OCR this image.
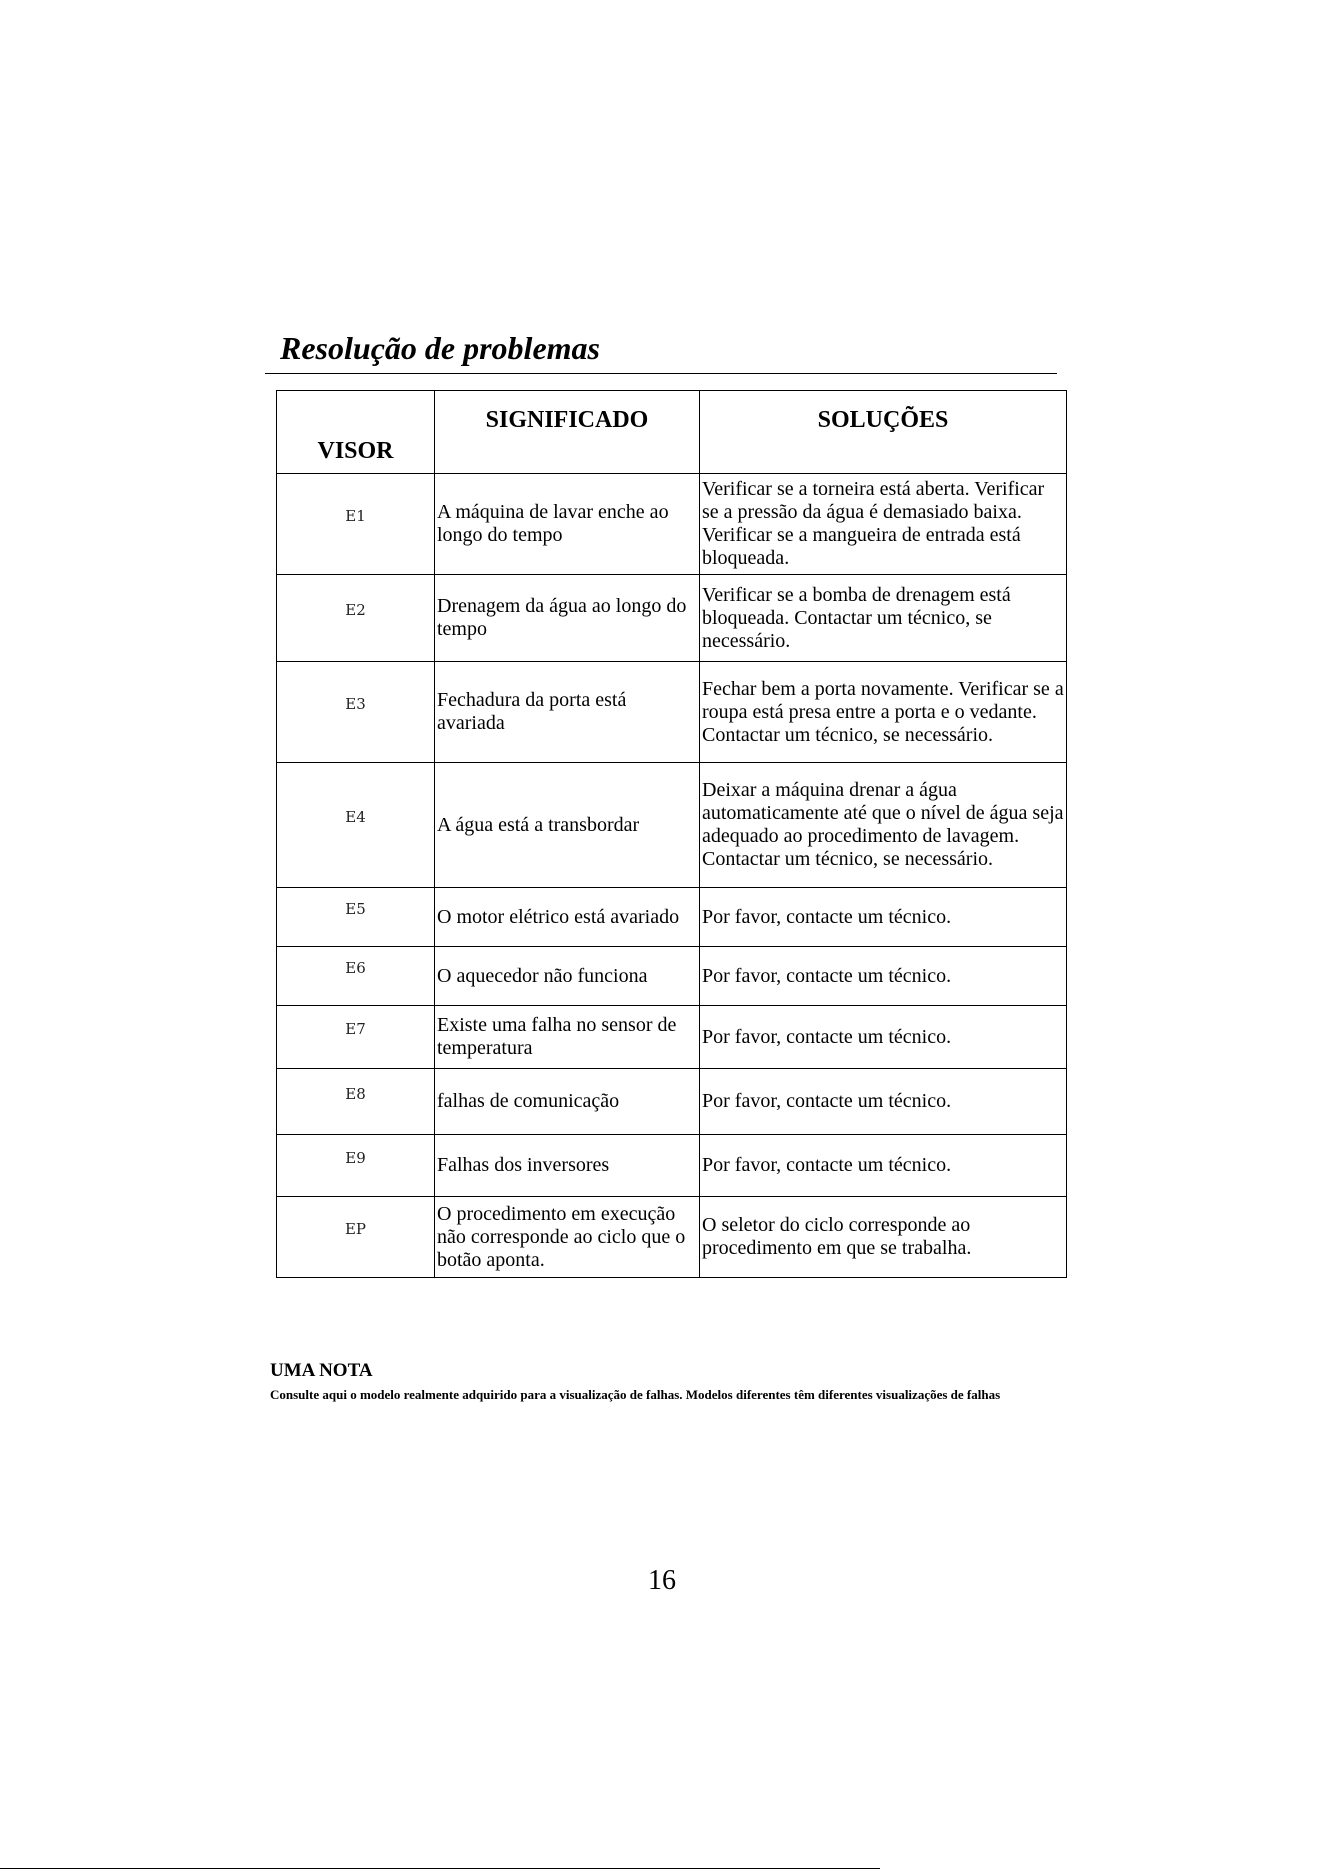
Resolução de problemas
VISOR	SIGNIFICADO	SOLUÇÕES
E1	A máquina de lavar enche ao longo do tempo	Verificar se a torneira está aberta. Verificar se a pressão da água é demasiado baixa. Verificar se a mangueira de entrada está bloqueada.
E2	Drenagem da água ao longo do tempo	Verificar se a bomba de drenagem está bloqueada. Contactar um técnico, se necessário.
E3	Fechadura da porta está avariada	Fechar bem a porta novamente. Verificar se a roupa está presa entre a porta e o vedante. Contactar um técnico, se necessário.
E4	A água está a transbordar	Deixar a máquina drenar a água automaticamente até que o nível de água seja adequado ao procedimento de lavagem. Contactar um técnico, se necessário.
E5	O motor elétrico está avariado	Por favor, contacte um técnico.
E6	O aquecedor não funciona	Por favor, contacte um técnico.
E7	Existe uma falha no sensor de temperatura	Por favor, contacte um técnico.
E8	falhas de comunicação	Por favor, contacte um técnico.
E9	Falhas dos inversores	Por favor, contacte um técnico.
EP	O procedimento em execução não corresponde ao ciclo que o botão aponta.	O seletor do ciclo corresponde ao procedimento em que se trabalha.

UMA NOTA

Consulte aqui o modelo realmente adquirido para a visualização de falhas. Modelos diferentes têm diferentes visualizações de falhas

16
